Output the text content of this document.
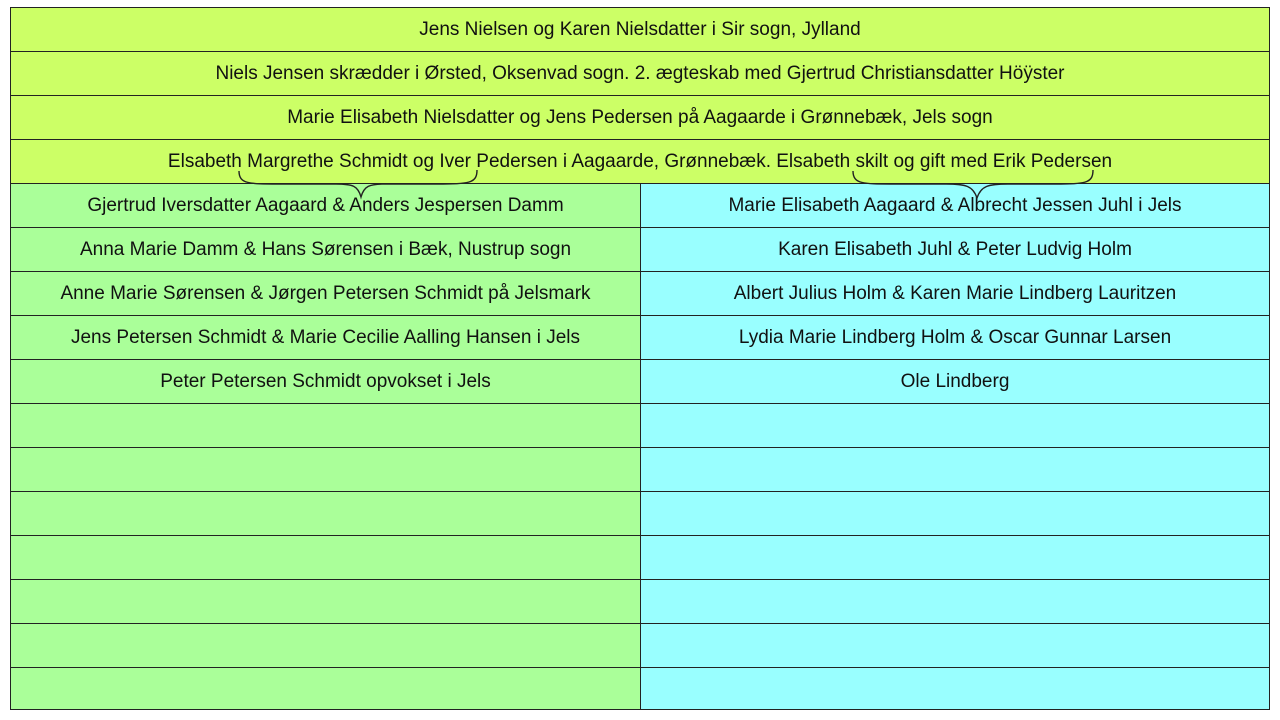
Jens Nielsen og Karen Nielsdatter i Sir sogn, Jylland
Niels Jensen skrædder i Ørsted, Oksenvad sogn. 2. ægteskab med Gjertrud Christiansdatter Höÿster
Marie Elisabeth Nielsdatter og Jens Pedersen på Aagaarde i Grønnebæk, Jels sogn
Elsabeth Margrethe Schmidt og Iver Pedersen i Aagaarde, Grønnebæk. Elsabeth skilt og gift med Erik Pedersen
Gjertrud Iversdatter Aagaard & Anders Jespersen Damm
Anna Marie Damm & Hans Sørensen i Bæk, Nustrup sogn
Anne Marie Sørensen & Jørgen Petersen Schmidt på Jelsmark
Jens Petersen Schmidt & Marie Cecilie Aalling Hansen i Jels
Peter Petersen Schmidt opvokset i Jels
Marie Elisabeth Aagaard & Albrecht Jessen Juhl i Jels
Karen Elisabeth Juhl & Peter Ludvig Holm
Albert Julius Holm & Karen Marie Lindberg Lauritzen
Lydia Marie Lindberg Holm & Oscar Gunnar Larsen
Ole Lindberg
